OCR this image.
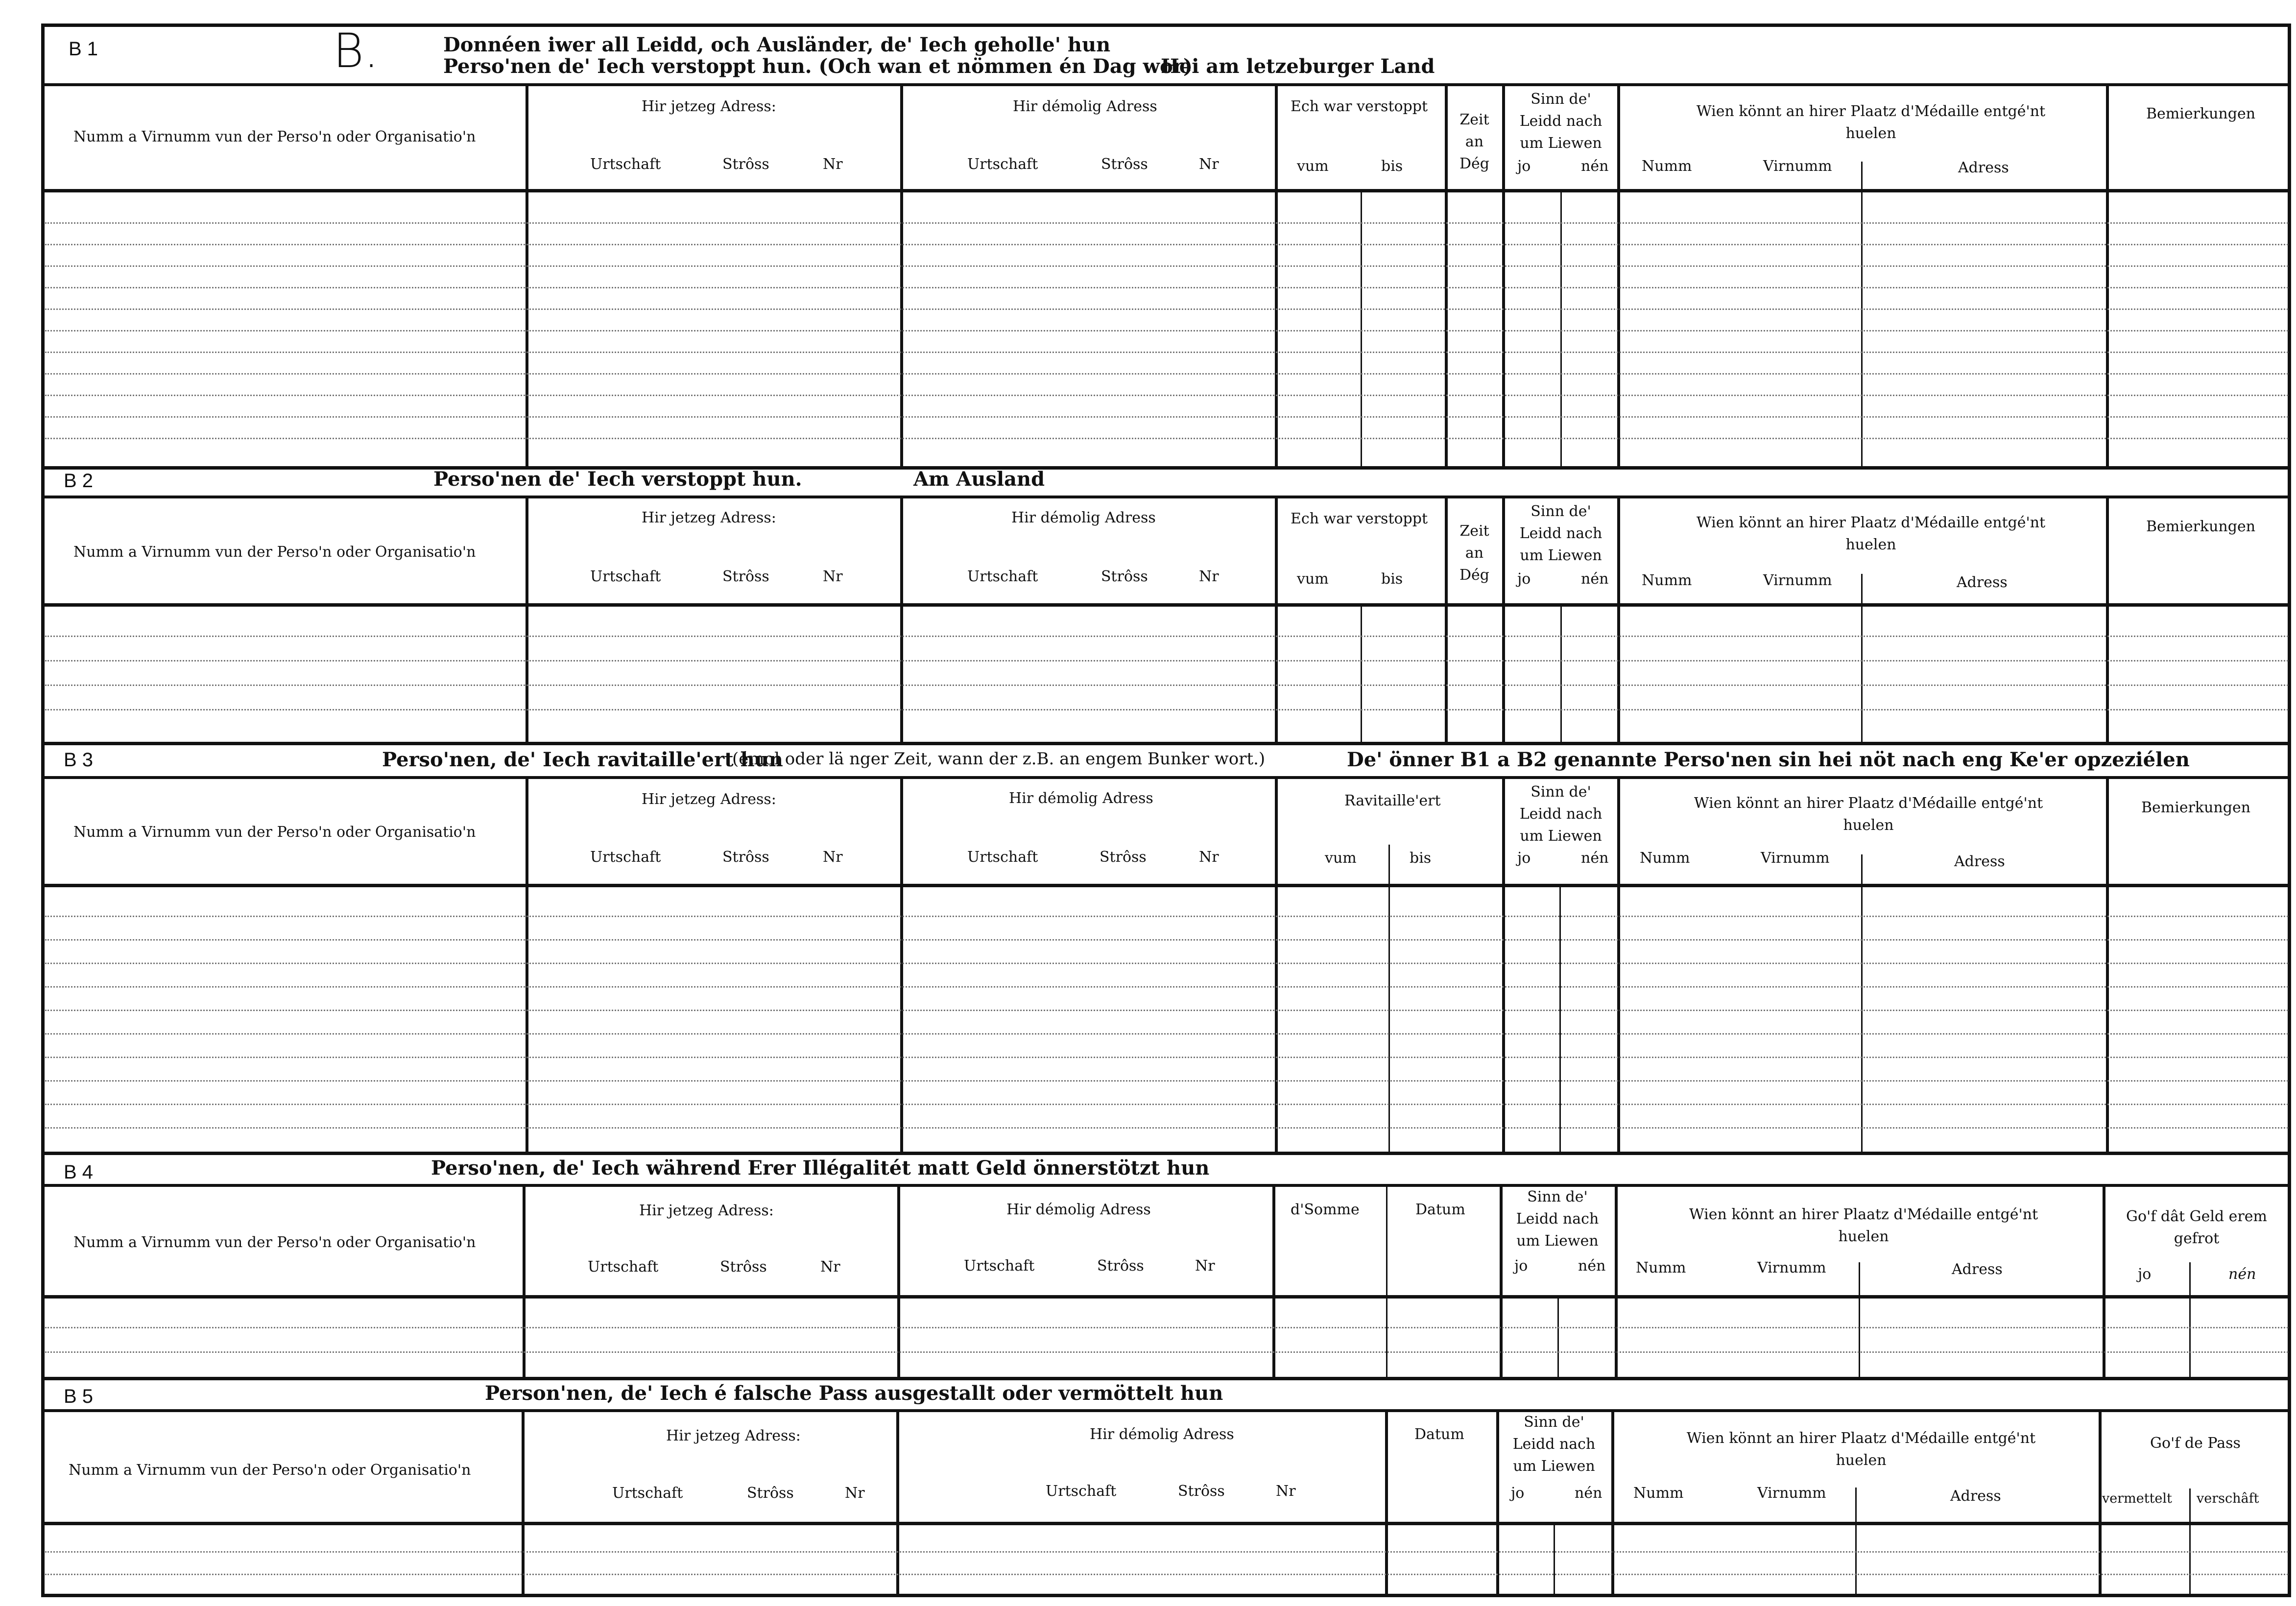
B 1	B.	Donnéen iwer all Leidd, och Ausländer, de' Iech geholle' hun
Perso'nen de' Iech verstoppt hun. (Och wan et nömmen én Dag wor)
Hei am letzeburger Land
Numm a Virnumm vun der Perso'n oder Organisatio'n
Hir jetzeg Adress:
Urtschaft	Strôss	Nr
Hir démolig Adress
Urtschaft	Strôss	Nr
Ech war verstoppt
vum	bis
Zeit an Dég
Sinn de' Leidd nach um Liewen
jo	nén
Wien könnt an hirer Plaatz d'Médaille entgé'nt huelen
Numm	Virnumm	Adress
Bemierkungen
B 2	Perso'nen de' Iech verstoppt hun.	Am Ausland
Numm a Virnumm vun der Perso'n oder Organisatio'n
Hir jetzeg Adress:
Urtschaft	Strôss	Nr
Hir démolig Adress
Urtschaft	Strôss	Nr
Ech war verstoppt
vum	bis
Zeit an Dég
Sinn de' Leidd nach um Liewen
jo	nén
Wien könnt an hirer Plaatz d'Médaille entgé'nt huelen
Numm	Virnumm	Adress
Bemierkungen
B 3	Perso'nen, de' Iech ravitaille'ert hun
(émol oder lä nger Zeit, wann der z.B. an engem Bunker wort.)	De' önner B1 a B2 genannte Perso'nen sin hei nöt nach eng Ke'er opzeziélen
Numm a Virnumm vun der Perso'n oder Organisatio'n
Hir jetzeg Adress:
Urtschaft	Strôss	Nr
Hir démolig Adress
Urtschaft	Strôss	Nr
Ravitaille'ert
vum	bis
Sinn de' Leidd nach um Liewen
jo	nén
Wien könnt an hirer Plaatz d'Médaille entgé'nt huelen
Numm	Virnumm	Adress
Bemierkungen
B 4	Perso'nen, de' Iech während Erer Illégalitét matt Geld önnerstötzt hun
Numm a Virnumm vun der Perso'n oder Organisatio'n
Hir jetzeg Adress:
Urtschaft	Strôss	Nr
Hir démolig Adress
Urtschaft	Strôss	Nr
d'Somme	Datum
Sinn de' Leidd nach um Liewen
jo	nén
Wien könnt an hirer Plaatz d'Médaille entgé'nt huelen
Numm	Virnumm	Adress
Go'f dât Geld erem gefrot
jo	nén
B 5	Person'nen, de' Iech é falsche Pass ausgestallt oder vermöttelt hun
Numm a Virnumm vun der Perso'n oder Organisatio'n
Hir jetzeg Adress:
Urtschaft	Strôss	Nr
Hir démolig Adress
Urtschaft	Strôss	Nr
Datum
Sinn de' Leidd nach um Liewen
jo	nén
Wien könnt an hirer Plaatz d'Médaille entgé'nt huelen
Numm	Virnumm	Adress
Go'f de Pass
vermettelt verschâft
